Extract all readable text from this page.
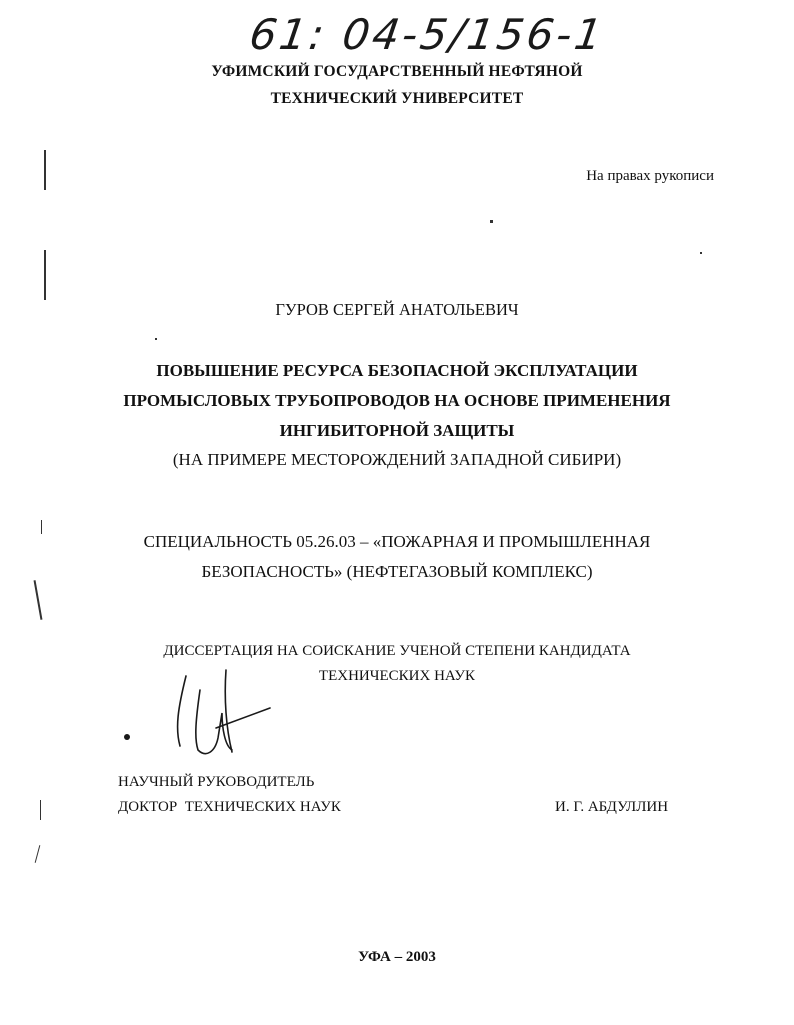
61: 04-5/156-1
УФИМСКИЙ ГОСУДАРСТВЕННЫЙ НЕФТЯНОЙ
ТЕХНИЧЕСКИЙ УНИВЕРСИТЕТ
На правах рукописи
ГУРОВ СЕРГЕЙ АНАТОЛЬЕВИЧ
ПОВЫШЕНИЕ РЕСУРСА БЕЗОПАСНОЙ ЭКСПЛУАТАЦИИ
ПРОМЫСЛОВЫХ ТРУБОПРОВОДОВ НА ОСНОВЕ ПРИМЕНЕНИЯ
ИНГИБИТОРНОЙ ЗАЩИТЫ
(НА ПРИМЕРЕ МЕСТОРОЖДЕНИЙ ЗАПАДНОЙ СИБИРИ)
СПЕЦИАЛЬНОСТЬ 05.26.03 – «ПОЖАРНАЯ И ПРОМЫШЛЕННАЯ
БЕЗОПАСНОСТЬ» (НЕФТЕГАЗОВЫЙ КОМПЛЕКС)
ДИССЕРТАЦИЯ НА СОИСКАНИЕ УЧЕНОЙ СТЕПЕНИ КАНДИДАТА
ТЕХНИЧЕСКИХ НАУК
НАУЧНЫЙ РУКОВОДИТЕЛЬ
ДОКТОР  ТЕХНИЧЕСКИХ НАУК	И. Г. АБДУЛЛИН
УФА – 2003
